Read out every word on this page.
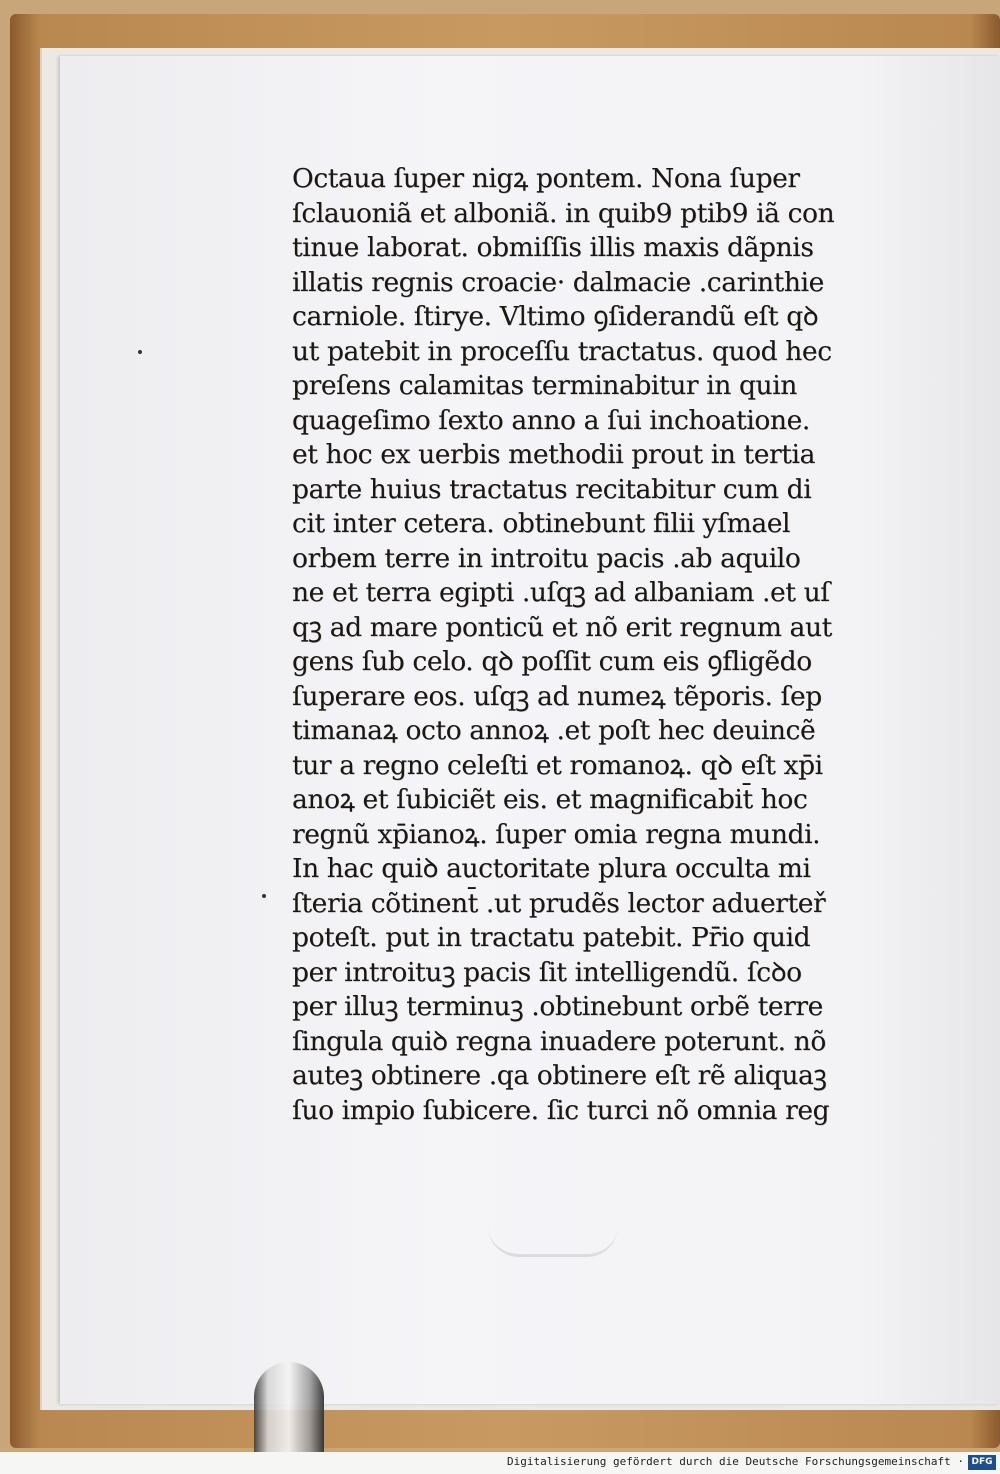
Octaua ſuper nigꝝ pontem. Nona ſuper
ſclauoniã et alboniã. in quib9 ptib9 iã con
tinue laborat. obmiſſis illis maxis dãpnis
illatis regnis croacie· dalmacie .carinthie
carniole. ſtirye. Vltimo ꝯſiderandũ eſt qꝺ
ut patebit in proceſſu tractatus. quod hec
preſens calamitas terminabitur in quin
quageſimo ſexto anno a ſui inchoatione.
et hoc ex uerbis methodii prout in tertia
parte huius tractatus recitabitur cum di
cit inter cetera. obtinebunt filii yſmael
orbem terre in introitu pacis .ab aquilo
ne et terra egipti .uſqꝫ ad albaniam .et uſ
qꝫ ad mare ponticũ et nõ erit regnum aut
gens ſub celo. qꝺ poſſit cum eis ꝯfligẽdo
ſuperare eos. uſqꝫ ad numeꝝ tẽporis. ſep
timanaꝝ octo annoꝝ .et poſt hec deuincẽ
tur a regno celeſti et romanoꝝ. qꝺ eſt xp̄i
anoꝝ et ſubiciẽt eis. et magnificabit̄ hoc
regnũ xp̄ianoꝝ. ſuper omia regna mundi.
In hac quiꝺ auctoritate plura occulta mi
ſteria cõtinent̄ .ut prudẽs lector aduerteř
poteſt. put in tractatu patebit. Pr̄io quid
per introituꝫ pacis ſit intelligendũ. ſcꝺo
per illuꝫ terminuꝫ .obtinebunt orbẽ terre
ſingula quiꝺ regna inuadere poterunt. nõ
auteꝫ obtinere .qa obtinere eſt rẽ aliquaꝫ
ſuo impio ſubicere. ſic turci nõ omnia reg
Digitalisierung gefördert durch die Deutsche Forschungsgemeinschaft · DFG
